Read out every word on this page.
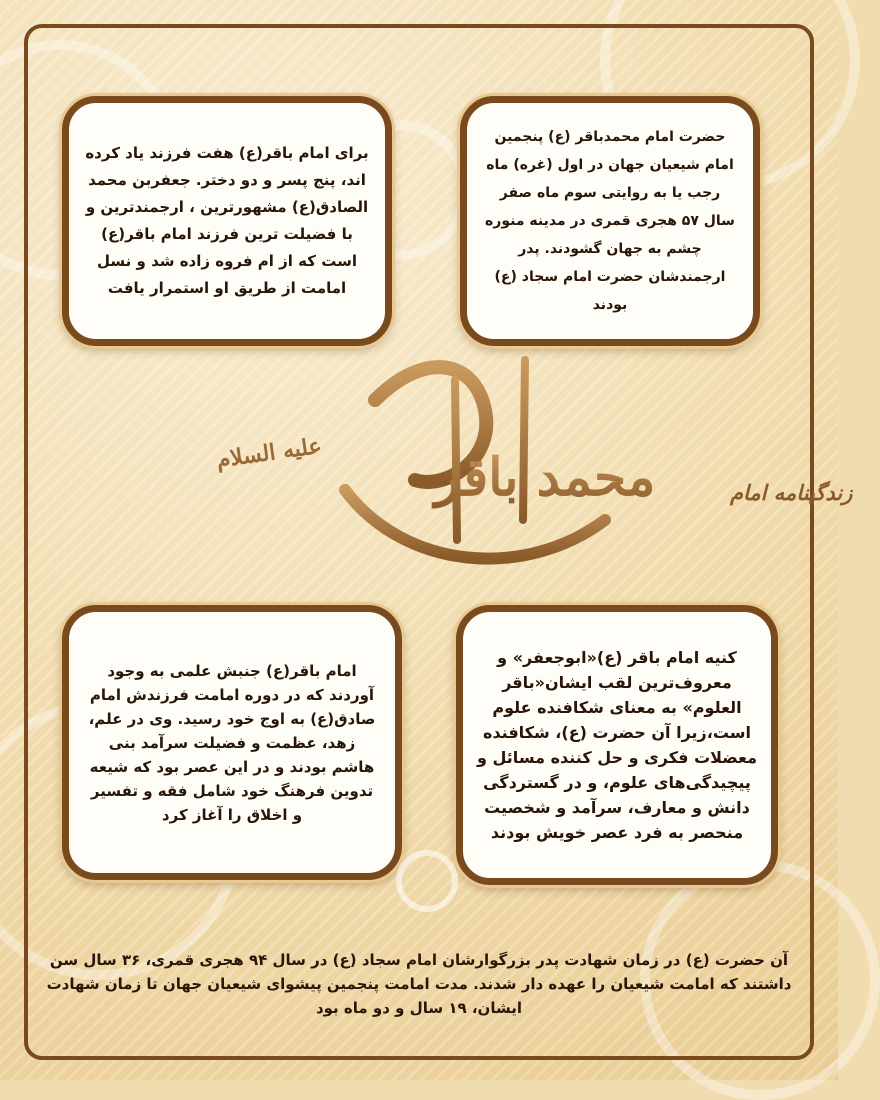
حضرت امام محمدباقر (ع) پنجمین امام شیعیان جهان در اول (غره) ماه رجب یا به روایتی سوم ماه صفر سال ۵۷ هجری قمری در مدینه منوره چشم به جهان گشودند. پدر ارجمندشان حضرت امام سجاد (ع) بودند

برای امام باقر(ع) هفت فرزند یاد کرده اند، پنج پسر و دو دختر. جعفربن محمد الصادق(ع) مشهورترین ، ارجمندترین و با فضیلت ترین فرزند امام باقر(ع) است که از ام فروه زاده شد و نسل امامت از طریق او استمرار یافت

محمد باقر	زندگینامه امام
علیه السلام

کنیه امام باقر (ع)«ابوجعفر» و معروف‌ترین لقب ایشان«باقر العلوم» به معنای شکافنده علوم است،زیرا آن حضرت (ع)، شکافنده معضلات فکری و حل کننده مسائل و پیچیدگی‌های علوم، و در گستردگی دانش و معارف، سرآمد و شخصیت منحصر به فرد عصر خویش بودند

امام باقر(ع) جنبش علمی به وجود آوردند که در دوره امامت فرزندش امام صادق(ع) به اوج خود رسید. وی در علم، زهد، عظمت و فضیلت سرآمد بنی هاشم بودند و در این عصر بود که شیعه تدوین فرهنگ خود شامل فقه و تفسیر و اخلاق را آغاز کرد

آن حضرت (ع) در زمان شهادت پدر بزرگوارشان امام سجاد (ع) در سال ۹۴ هجری قمری، ۳۶ سال سن داشتند که امامت شیعیان را عهده دار شدند. مدت امامت پنجمین پیشوای شیعیان جهان تا زمان شهادت ایشان، ۱۹ سال و دو ماه بود
